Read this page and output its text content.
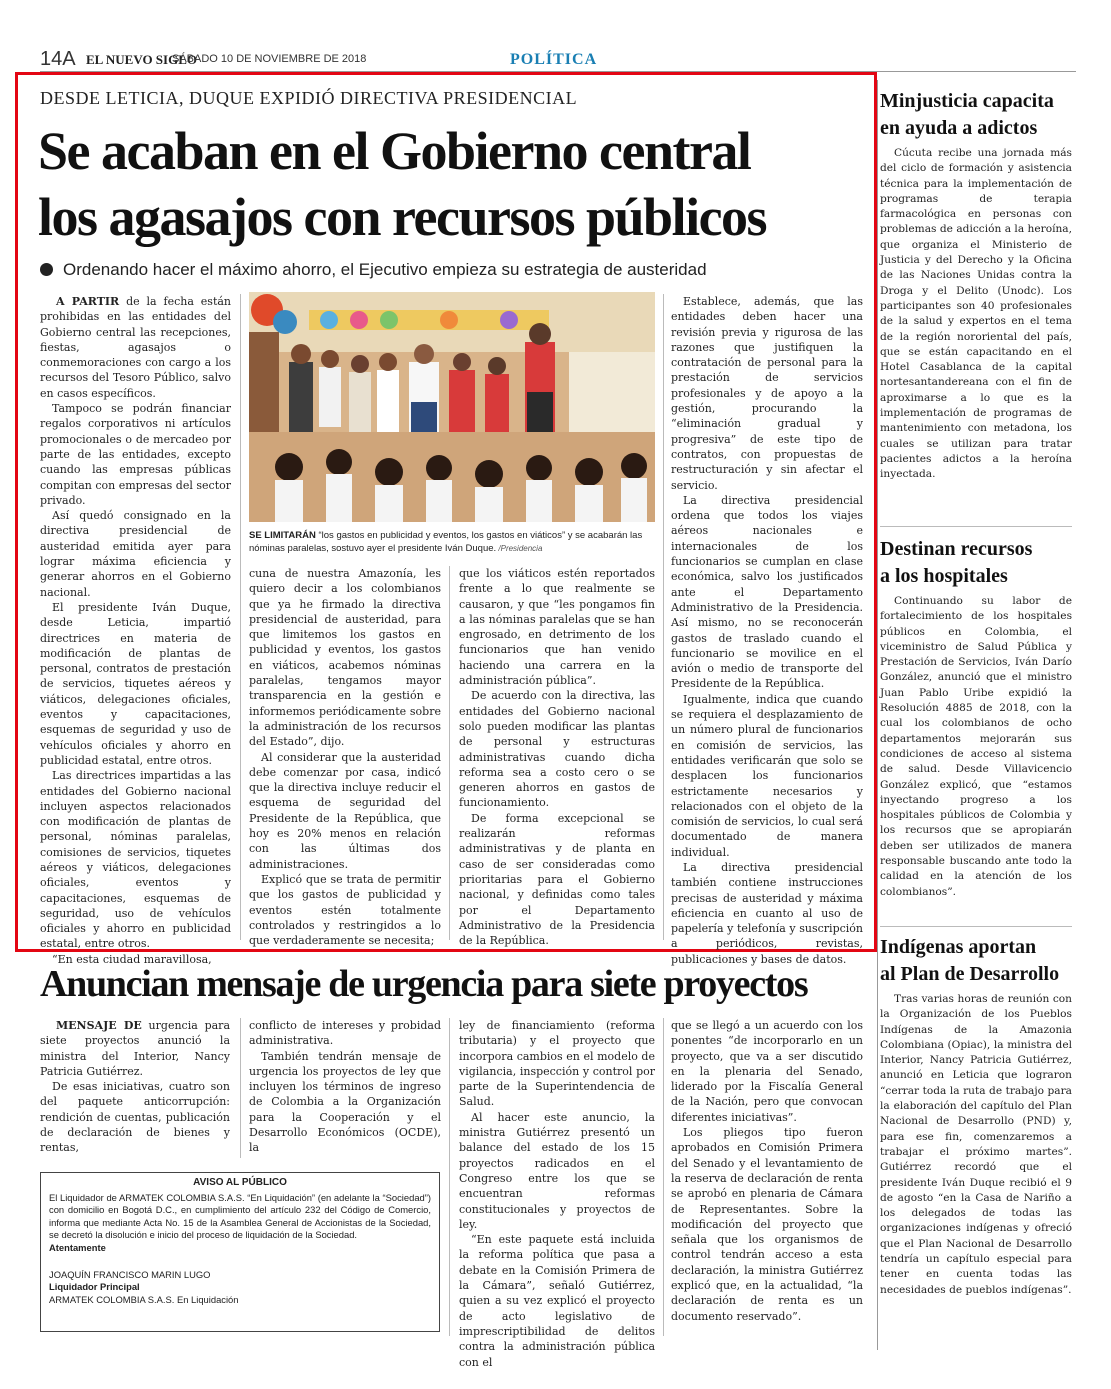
14A EL NUEVO SIGLO
SÁBADO 10 DE NOVIEMBRE DE 2018	POLÍTICA
DESDE LETICIA, DUQUE EXPIDIÓ DIRECTIVA PRESIDENCIAL
Se acaban en el Gobierno central
los agasajos con recursos públicos
Ordenando hacer el máximo ahorro, el Ejecutivo empieza su estrategia de austeridad

A PARTIR de la fecha están prohibidas en las entidades del Gobierno central las recepciones, fiestas, agasajos o conmemoraciones con cargo a los recursos del Tesoro Público, salvo en casos específicos.

Tampoco se podrán financiar regalos corporativos ni artículos promocionales o de mercadeo por parte de las entidades, excepto cuando las empresas públicas compitan con empresas del sector privado.

Así quedó consignado en la directiva presidencial de austeridad emitida ayer para lograr máxima eficiencia y generar ahorros en el Gobierno nacional.

El presidente Iván Duque, desde Leticia, impartió directrices en materia de modificación de plantas de personal, contratos de prestación de servicios, tiquetes aéreos y viáticos, delegaciones oficiales, eventos y capacitaciones, esquemas de seguridad y uso de vehículos oficiales y ahorro en publicidad estatal, entre otros.

Las directrices impartidas a las entidades del Gobierno nacional incluyen aspectos relacionados con modificación de plantas de personal, nóminas paralelas, comisiones de servicios, tiquetes aéreos y viáticos, delegaciones oficiales, eventos y capacitaciones, esquemas de seguridad, uso de vehículos oficiales y ahorro en publicidad estatal, entre otros.

“En esta ciudad maravillosa,

SE LIMITARÁN “los gastos en publicidad y eventos, los gastos en viáticos” y se acabarán las nóminas paralelas, sostuvo ayer el presidente Iván Duque. /Presidencia

cuna de nuestra Amazonía, les quiero decir a los colombianos que ya he firmado la directiva presidencial de austeridad, para que limitemos los gastos en publicidad y eventos, los gastos en viáticos, acabemos nóminas paralelas, tengamos mayor transparencia en la gestión e informemos periódicamente sobre la administración de los recursos del Estado”, dijo.

Al considerar que la austeridad debe comenzar por casa, indicó que la directiva incluye reducir el esquema de seguridad del Presidente de la República, que hoy es 20% menos en relación con las últimas dos administraciones.

Explicó que se trata de permitir que los gastos de publicidad y eventos estén totalmente controlados y restringidos a lo que verdaderamente se necesita;

que los viáticos estén reportados frente a lo que realmente se causaron, y que “les pongamos fin a las nóminas paralelas que se han engrosado, en detrimento de los funcionarios que han venido haciendo una carrera en la administración pública”.

De acuerdo con la directiva, las entidades del Gobierno nacional solo pueden modificar las plantas de personal y estructuras administrativas cuando dicha reforma sea a costo cero o se generen ahorros en gastos de funcionamiento.

De forma excepcional se realizarán reformas administrativas y de planta en caso de ser consideradas como prioritarias para el Gobierno nacional, y definidas como tales por el Departamento Administrativo de la Presidencia de la República.

Establece, además, que las entidades deben hacer una revisión previa y rigurosa de las razones que justifiquen la contratación de personal para la prestación de servicios profesionales y de apoyo a la gestión, procurando la “eliminación gradual y progresiva” de este tipo de contratos, con propuestas de restructuración y sin afectar el servicio.

La directiva presidencial ordena que todos los viajes aéreos nacionales e internacionales de los funcionarios se cumplan en clase económica, salvo los justificados ante el Departamento Administrativo de la Presidencia. Así mismo, no se reconocerán gastos de traslado cuando el funcionario se movilice en el avión o medio de transporte del Presidente de la República.

Igualmente, indica que cuando se requiera el desplazamiento de un número plural de funcionarios en comisión de servicios, las entidades verificarán que solo se desplacen los funcionarios estrictamente necesarios y relacionados con el objeto de la comisión de servicios, lo cual será documentado de manera individual.

La directiva presidencial también contiene instrucciones precisas de austeridad y máxima eficiencia en cuanto al uso de papelería y telefonía y suscripción a periódicos, revistas, publicaciones y bases de datos.

Minjusticia capacita
en ayuda a adictos

Cúcuta recibe una jornada más del ciclo de formación y asistencia técnica para la implementación de programas de terapia farmacológica en personas con problemas de adicción a la heroína, que organiza el Ministerio de Justicia y del Derecho y la Oficina de las Naciones Unidas contra la Droga y el Delito (Unodc). Los participantes son 40 profesionales de la salud y expertos en el tema de la región nororiental del país, que se están capacitando en el Hotel Casablanca de la capital nortesantandereana con el fin de aproximarse a lo que es la implementación de programas de mantenimiento con metadona, los cuales se utilizan para tratar pacientes adictos a la heroína inyectada.

Destinan recursos
a los hospitales

Continuando su labor de fortalecimiento de los hospitales públicos en Colombia, el viceministro de Salud Pública y Prestación de Servicios, Iván Darío González, anunció que el ministro Juan Pablo Uribe expidió la Resolución 4885 de 2018, con la cual los colombianos de ocho departamentos mejorarán sus condiciones de acceso al sistema de salud. Desde Villavicencio González explicó, que “estamos inyectando progreso a los hospitales públicos de Colombia y los recursos que se apropiarán deben ser utilizados de manera responsable buscando ante todo la calidad en la atención de los colombianos”.

Indígenas aportan
al Plan de Desarrollo

Tras varias horas de reunión con la Organización de los Pueblos Indígenas de la Amazonia Colombiana (Opiac), la ministra del Interior, Nancy Patricia Gutiérrez, anunció en Leticia que lograron “cerrar toda la ruta de trabajo para la elaboración del capítulo del Plan Nacional de Desarrollo (PND) y, para ese fin, comenzaremos a trabajar el próximo martes”. Gutiérrez recordó que el presidente Iván Duque recibió el 9 de agosto “en la Casa de Nariño a los delegados de todas las organizaciones indígenas y ofreció que el Plan Nacional de Desarrollo tendría un capítulo especial para tener en cuenta todas las necesidades de pueblos indígenas”.

Anuncian mensaje de urgencia para siete proyectos

MENSAJE DE urgencia para siete proyectos anunció la ministra del Interior, Nancy Patricia Gutiérrez.

De esas iniciativas, cuatro son del paquete anticorrupción: rendición de cuentas, publicación de declaración de bienes y rentas,

conflicto de intereses y probidad administrativa.

También tendrán mensaje de urgencia los proyectos de ley que incluyen los términos de ingreso de Colombia a la Organización para la Cooperación y el Desarrollo Económicos (OCDE), la

ley de financiamiento (reforma tributaria) y el proyecto que incorpora cambios en el modelo de vigilancia, inspección y control por parte de la Superintendencia de Salud.

Al hacer este anuncio, la ministra Gutiérrez presentó un balance del estado de los 15 proyectos radicados en el Congreso entre los que se encuentran reformas constitucionales y proyectos de ley.

“En este paquete está incluida la reforma política que pasa a debate en la Comisión Primera de la Cámara”, señaló Gutiérrez, quien a su vez explicó el proyecto de acto legislativo de imprescriptibilidad de delitos contra la administración pública con el

que se llegó a un acuerdo con los ponentes “de incorporarlo en un proyecto, que va a ser discutido en la plenaria del Senado, liderado por la Fiscalía General de la Nación, pero que convocan diferentes iniciativas”.

Los pliegos tipo fueron aprobados en Comisión Primera del Senado y el levantamiento de la reserva de declaración de renta se aprobó en plenaria de Cámara de Representantes. Sobre la modificación del proyecto que señala que los organismos de control tendrán acceso a esta declaración, la ministra Gutiérrez explicó que, en la actualidad, “la declaración de renta es un documento reservado”.

AVISO AL PÚBLICO
El Liquidador de ARMATEK COLOMBIA S.A.S. “En Liquidación” (en adelante la “Sociedad”) con domicilio en Bogotá D.C., en cumplimiento del artículo 232 del Código de Comercio, informa que mediante Acta No. 15 de la Asamblea General de Accionistas de la Sociedad, se decretó la disolución e inicio del proceso de liquidación de la Sociedad.
Atentamente
JOAQUÍN FRANCISCO MARIN LUGO
Liquidador Principal
ARMATEK COLOMBIA S.A.S. En Liquidación
